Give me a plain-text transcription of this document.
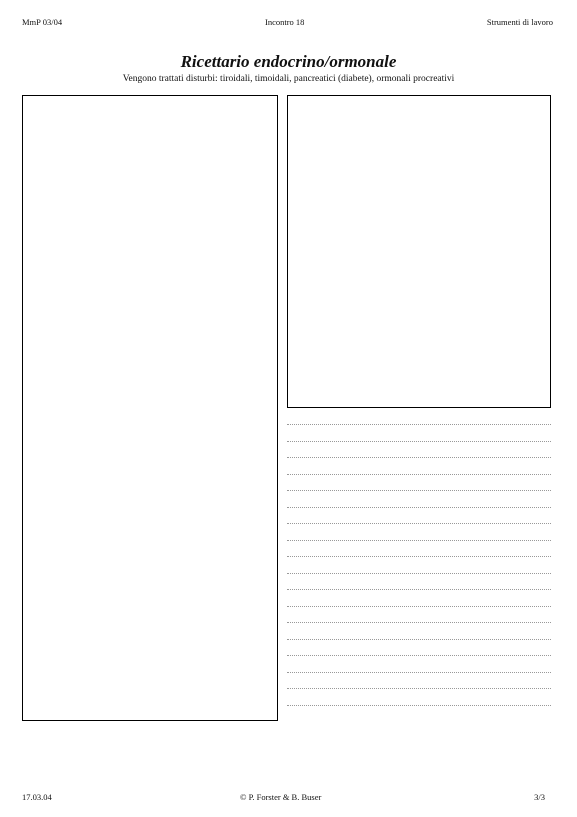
MmP 03/04	Incontro 18	Strumenti di lavoro
Ricettario endocrino/ormonale
Vengono trattati disturbi: tiroidali, timoidali, pancreatici (diabete), ormonali procreativi
17.03.04	© P. Forster & B. Buser	3/3
